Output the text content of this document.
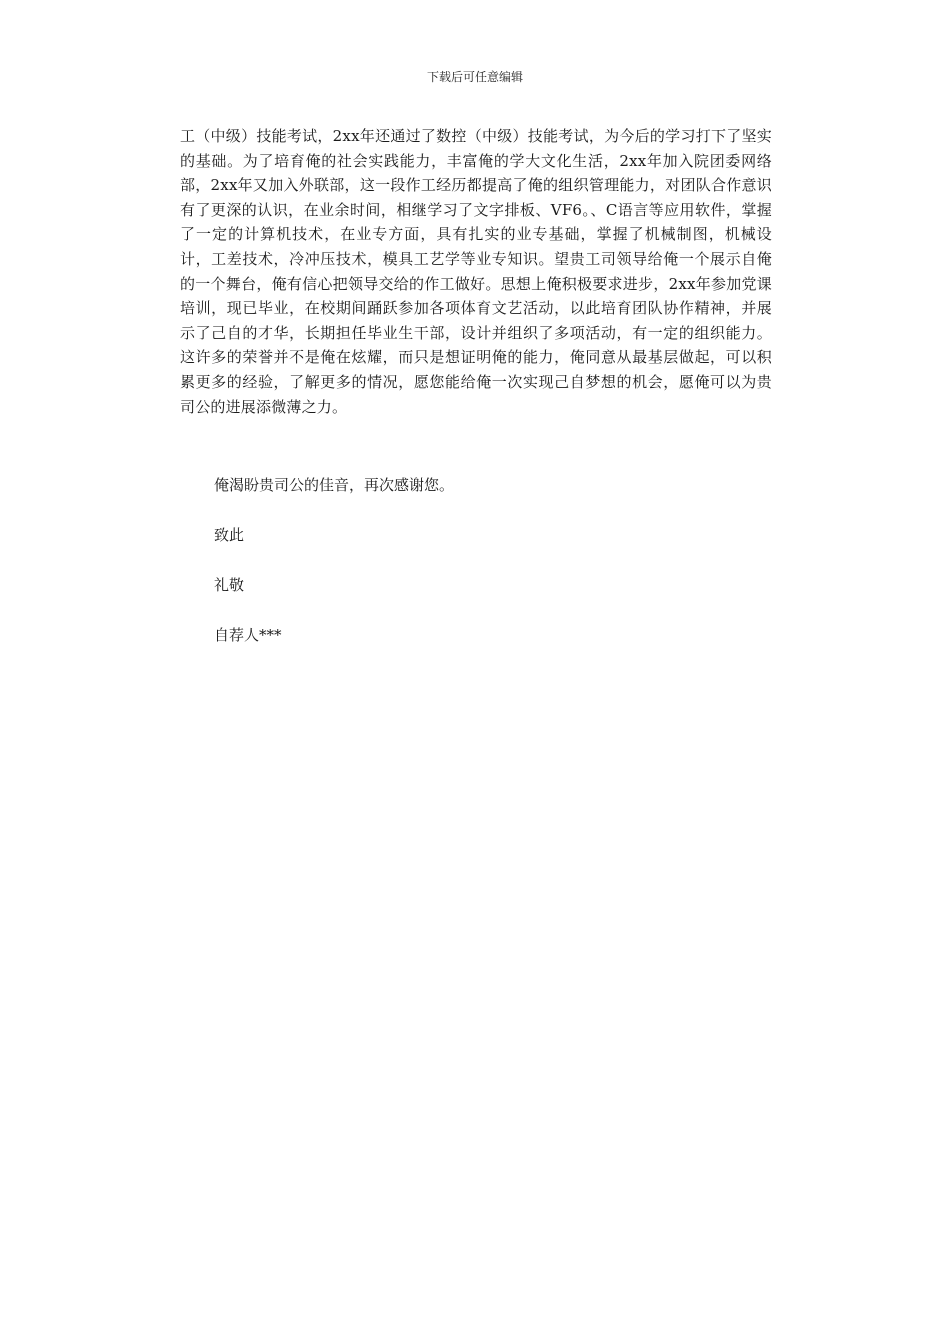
下载后可任意编辑

工（中级）技能考试，2xx年还通过了数控（中级）技能考试，为今后的学习打下了坚实的基础。为了培育俺的社会实践能力，丰富俺的学大文化生活，2xx年加入院团委网络部，2xx年又加入外联部，这一段作工经历都提高了俺的组织管理能力，对团队合作意识有了更深的认识，在业余时间，相继学习了文字排板、VF6。、C语言等应用软件，掌握了一定的计算机技术，在业专方面，具有扎实的业专基础，掌握了机械制图，机械设计，工差技术，冷冲压技术，模具工艺学等业专知识。望贵工司领导给俺一个展示自俺的一个舞台，俺有信心把领导交给的作工做好。思想上俺积极要求进步，2xx年参加党课培训，现已毕业，在校期间踊跃参加各项体育文艺活动，以此培育团队协作精神，并展示了己自的才华，长期担任毕业生干部，设计并组织了多项活动，有一定的组织能力。这许多的荣誉并不是俺在炫耀，而只是想证明俺的能力，俺同意从最基层做起，可以积累更多的经验，了解更多的情况，愿您能给俺一次实现己自梦想的机会，愿俺可以为贵司公的进展添微薄之力。

俺渴盼贵司公的佳音，再次感谢您。

致此

礼敬

自荐人***
